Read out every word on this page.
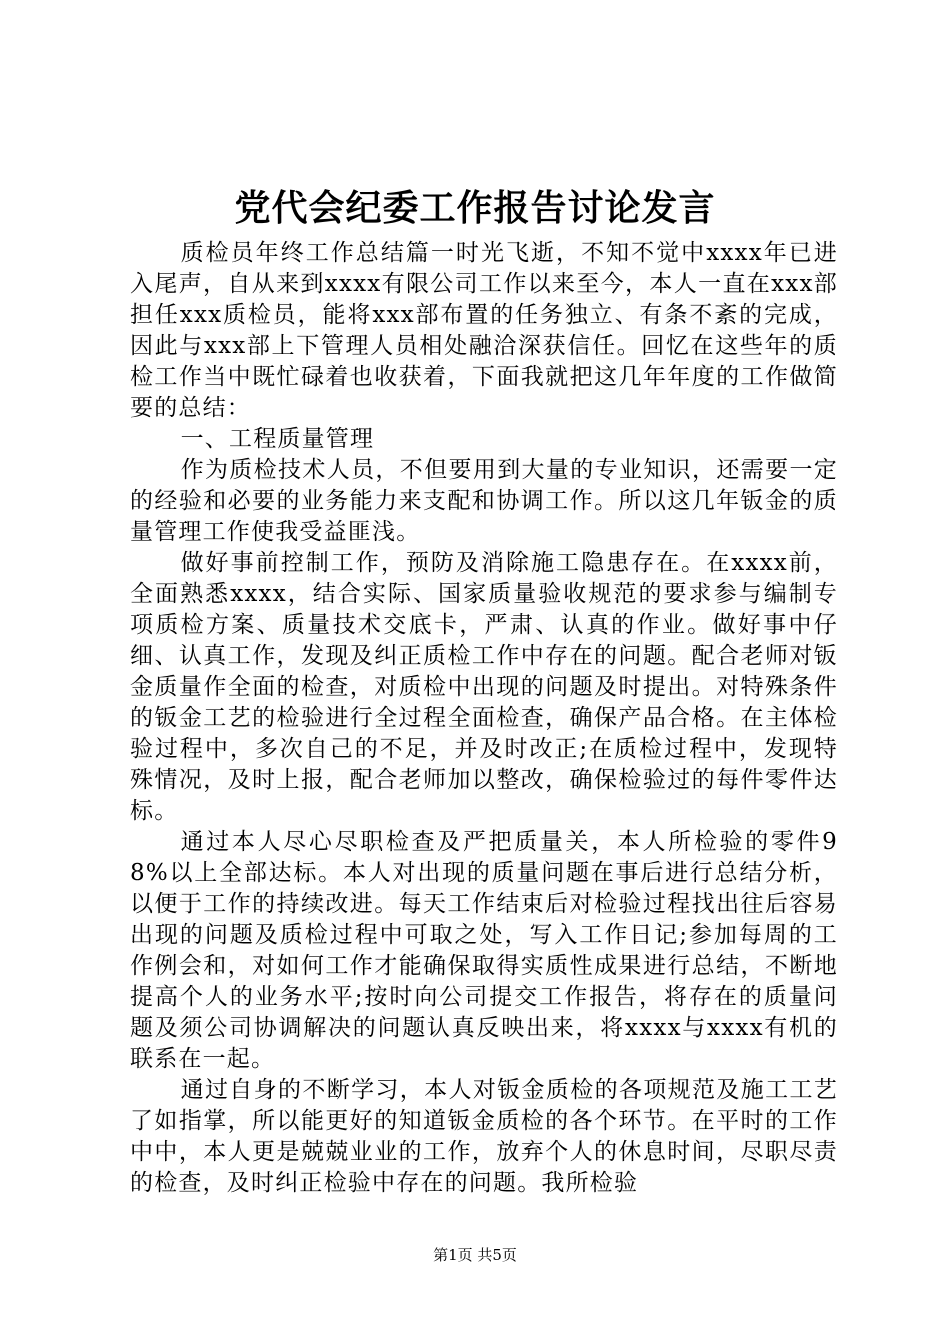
党代会纪委工作报告讨论发言

质检员年终工作总结篇一时光飞逝，不知不觉中xxxx年已进入尾声，自从来到xxxx有限公司工作以来至今，本人一直在xxx部担任xxx质检员，能将xxx部布置的任务独立、有条不紊的完成，因此与xxx部上下管理人员相处融洽深获信任。回忆在这些年的质检工作当中既忙碌着也收获着，下面我就把这几年年度的工作做简要的总结：

一、工程质量管理

作为质检技术人员，不但要用到大量的专业知识，还需要一定的经验和必要的业务能力来支配和协调工作。所以这几年钣金的质量管理工作使我受益匪浅。

做好事前控制工作，预防及消除施工隐患存在。在xxxx前，全面熟悉xxxx，结合实际、国家质量验收规范的要求参与编制专项质检方案、质量技术交底卡，严肃、认真的作业。做好事中仔细、认真工作，发现及纠正质检工作中存在的问题。配合老师对钣金质量作全面的检查，对质检中出现的问题及时提出。对特殊条件的钣金工艺的检验进行全过程全面检查，确保产品合格。在主体检验过程中，多次自己的不足，并及时改正;在质检过程中，发现特殊情况，及时上报，配合老师加以整改，确保检验过的每件零件达标。

通过本人尽心尽职检查及严把质量关，本人所检验的零件98%以上全部达标。本人对出现的质量问题在事后进行总结分析，以便于工作的持续改进。每天工作结束后对检验过程找出往后容易出现的问题及质检过程中可取之处，写入工作日记;参加每周的工作例会和，对如何工作才能确保取得实质性成果进行总结，不断地提高个人的业务水平;按时向公司提交工作报告，将存在的质量问题及须公司协调解决的问题认真反映出来，将xxxx与xxxx有机的联系在一起。

通过自身的不断学习，本人对钣金质检的各项规范及施工工艺了如指掌，所以能更好的知道钣金质检的各个环节。在平时的工作中中，本人更是兢兢业业的工作，放弃个人的休息时间，尽职尽责的检查，及时纠正检验中存在的问题。我所检验

第1页 共5页
